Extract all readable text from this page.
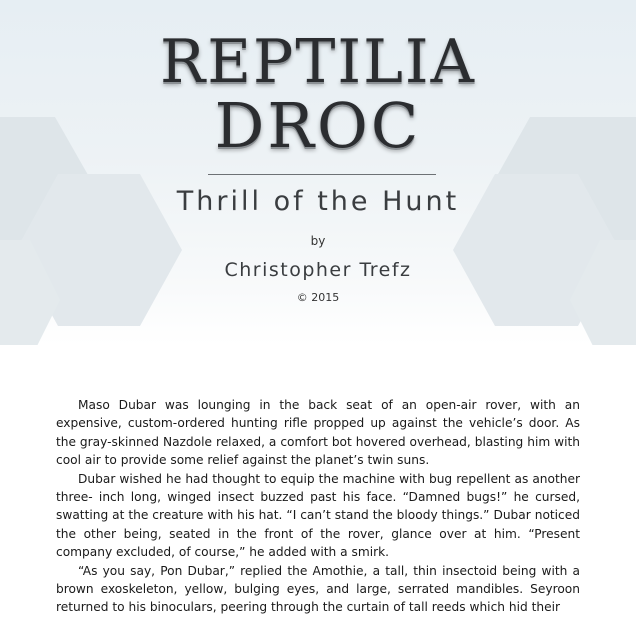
REPTILIA
DROC
Thrill of the Hunt
by
Christopher Trefz
© 2015

Maso Dubar was lounging in the back seat of an open-air rover, with an expensive, custom-ordered hunting rifle propped up against the vehicle’s door. As the gray-skinned Nazdole relaxed, a comfort bot hovered overhead, blasting him with cool air to provide some relief against the planet’s twin suns.

Dubar wished he had thought to equip the machine with bug repellent as another three- inch long, winged insect buzzed past his face. “Damned bugs!” he cursed, swatting at the creature with his hat. “I can’t stand the bloody things.” Dubar noticed the other being, seated in the front of the rover, glance over at him. “Present company excluded, of course,” he added with a smirk.

“As you say, Pon Dubar,” replied the Amothie, a tall, thin insectoid being with a brown exoskeleton, yellow, bulging eyes, and large, serrated mandibles. Seyroon returned to his binoculars, peering through the curtain of tall reeds which hid their
